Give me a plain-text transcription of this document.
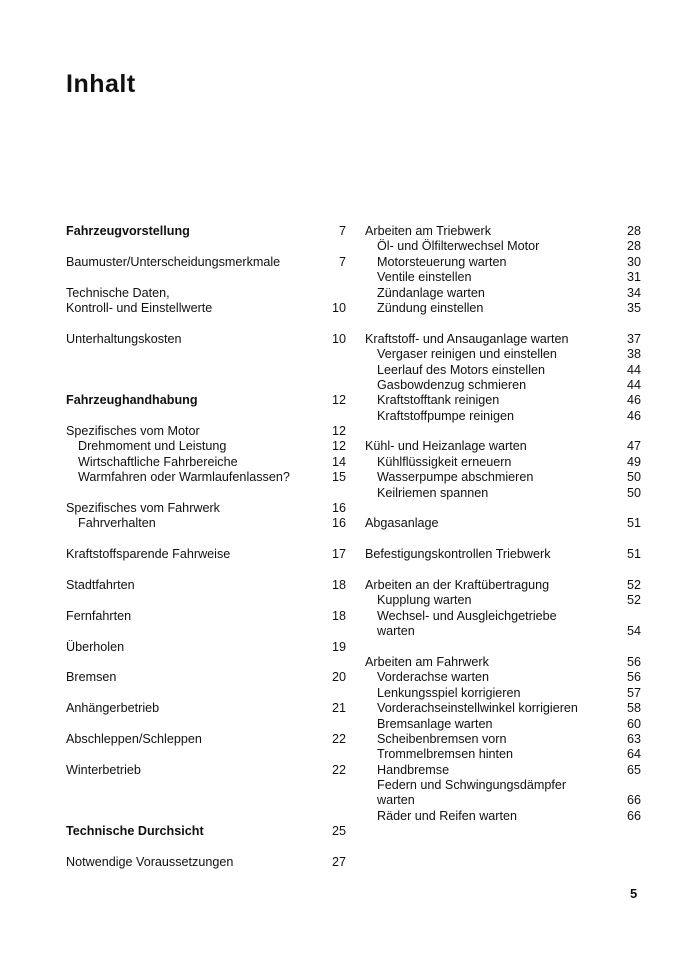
Inhalt
Fahrzeugvorstellung	7
Baumuster/Unterscheidungsmerkmale	7
Technische Daten,
Kontroll- und Einstellwerte	10
Unterhaltungskosten	10
Fahrzeughandhabung	12
Spezifisches vom Motor	12
Drehmoment und Leistung	12
Wirtschaftliche Fahrbereiche	14
Warmfahren oder Warmlaufenlassen?	15
Spezifisches vom Fahrwerk	16
Fahrverhalten	16
Kraftstoffsparende Fahrweise	17
Stadtfahrten	18
Fernfahrten	18
Überholen	19
Bremsen	20
Anhängerbetrieb	21
Abschleppen/Schleppen	22
Winterbetrieb	22
Technische Durchsicht	25
Notwendige Voraussetzungen	27
Arbeiten am Triebwerk	28
Öl- und Ölfilterwechsel Motor	28
Motorsteuerung warten	30
Ventile einstellen	31
Zündanlage warten	34
Zündung einstellen	35
Kraftstoff- und Ansauganlage warten	37
Vergaser reinigen und einstellen	38
Leerlauf des Motors einstellen	44
Gasbowdenzug schmieren	44
Kraftstofftank reinigen	46
Kraftstoffpumpe reinigen	46
Kühl- und Heizanlage warten	47
Kühlflüssigkeit erneuern	49
Wasserpumpe abschmieren	50
Keilriemen spannen	50
Abgasanlage	51
Befestigungskontrollen Triebwerk	51
Arbeiten an der Kraftübertragung	52
Kupplung warten	52
Wechsel- und Ausgleichgetriebe
warten	54
Arbeiten am Fahrwerk	56
Vorderachse warten	56
Lenkungsspiel korrigieren	57
Vorderachseinstellwinkel korrigieren	58
Bremsanlage warten	60
Scheibenbremsen vorn	63
Trommelbremsen hinten	64
Handbremse	65
Federn und Schwingungsdämpfer
warten	66
Räder und Reifen warten	66
5
